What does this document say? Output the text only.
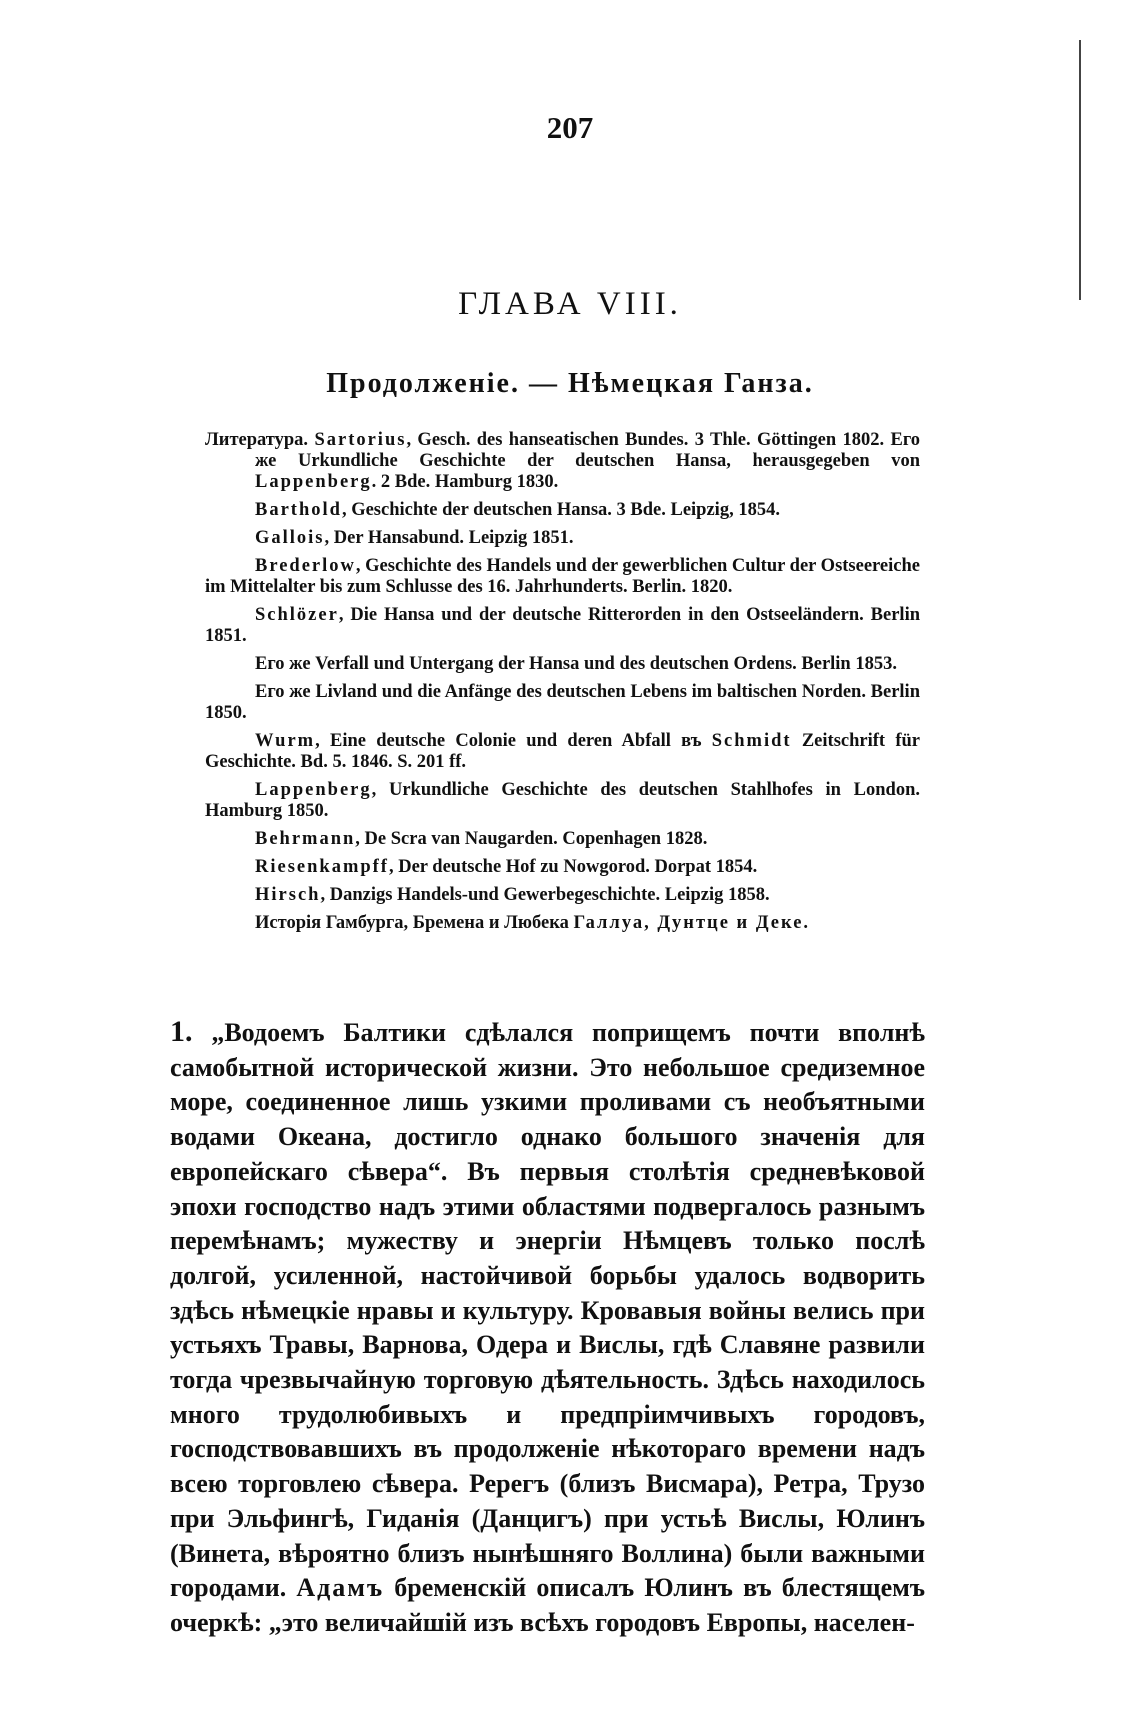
207
ГЛАВА VIII.
Продолженіе. — Нѣмецкая Ганза.

Литература. Sartorius, Gesch. des hanseatischen Bundes. 3 Thle. Göttingen 1802. Его же Urkundliche Geschichte der deutschen Hansa, herausgegeben von Lappenberg. 2 Bde. Hamburg 1830.

Barthold, Geschichte der deutschen Hansa. 3 Bde. Leipzig, 1854.

Gallois, Der Hansabund. Leipzig 1851.

Brederlow, Geschichte des Handels und der gewerblichen Cultur der Ostseereiche im Mittelalter bis zum Schlusse des 16. Jahrhunderts. Berlin. 1820.

Schlözer, Die Hansa und der deutsche Ritterorden in den Ostseeländern. Berlin 1851.

Его же Verfall und Untergang der Hansa und des deutschen Ordens. Berlin 1853.

Его же Livland und die Anfänge des deutschen Lebens im baltischen Norden. Berlin 1850.

Wurm, Eine deutsche Colonie und deren Abfall въ Schmidt Zeitschrift für Geschichte. Bd. 5. 1846. S. 201 ff.

Lappenberg, Urkundliche Geschichte des deutschen Stahlhofes in London. Hamburg 1850.

Behrmann, De Scra van Naugarden. Copenhagen 1828.

Riesenkampff, Der deutsche Hof zu Nowgorod. Dorpat 1854.

Hirsch, Danzigs Handels-und Gewerbegeschichte. Leipzig 1858.

Исторія Гамбурга, Бремена и Любека Галлуа, Дунтце и Деке.

1. „Водоемъ Балтики сдѣлался поприщемъ почти вполнѣ самобытной исторической жизни. Это небольшое средиземное море, соединенное лишь узкими проливами съ необъятными водами Океана, достигло однако большого значенія для европейскаго сѣвера“. Въ первыя столѣтія средневѣковой эпохи господство надъ этими областями подвергалось разнымъ перемѣнамъ; мужеству и энергіи Нѣмцевъ только послѣ долгой, усиленной, настойчивой борьбы удалось водворить здѣсь нѣмецкіе нравы и культуру. Кровавыя войны велись при устьяхъ Травы, Варнова, Одера и Вислы, гдѣ Славяне развили тогда чрезвычайную торговую дѣятельность. Здѣсь находилось много трудолюбивыхъ и предпріимчивыхъ городовъ, господствовавшихъ въ продолженіе нѣкотораго времени надъ всею торговлею сѣвера. Ререгъ (близъ Висмара), Ретра, Трузо при Эльфингѣ, Гиданія (Данцигъ) при устьѣ Вислы, Юлинъ (Винета, вѣроятно близъ нынѣшняго Воллина) были важными городами. Адамъ бременскій описалъ Юлинъ въ блестящемъ очеркѣ: „это величайшій изъ всѣхъ городовъ Европы, населен-
